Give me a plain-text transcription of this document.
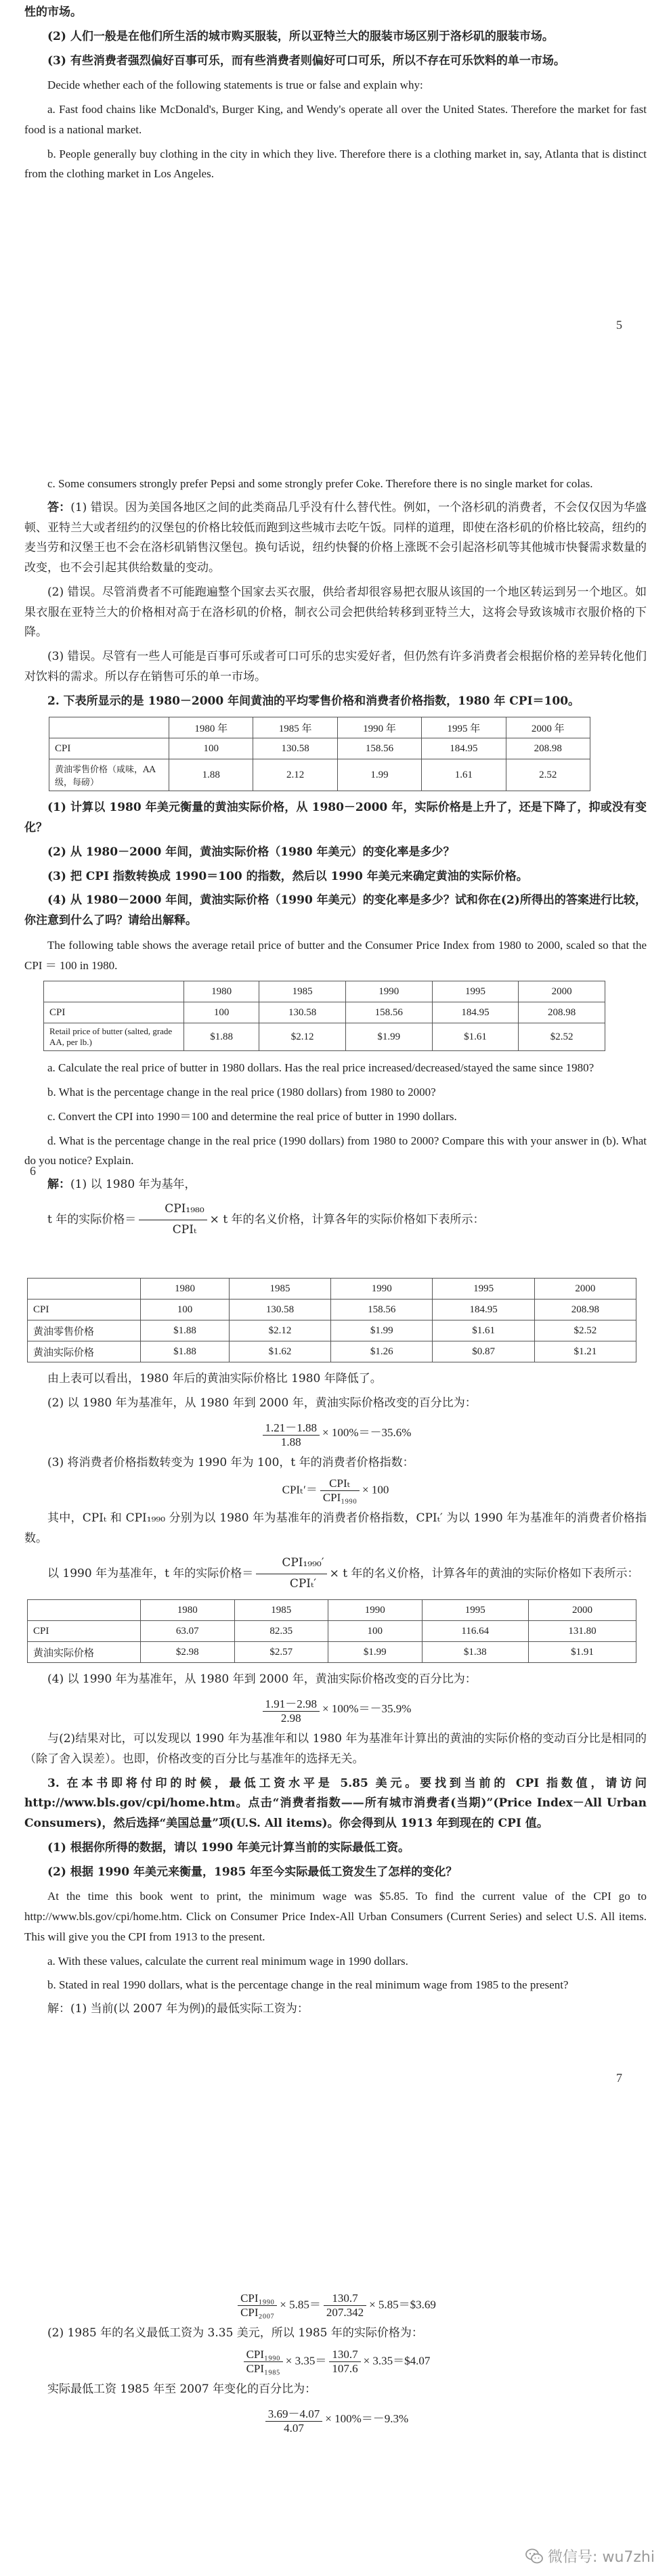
性的市场。

(2) 人们一般是在他们所生活的城市购买服装，所以亚特兰大的服装市场区别于洛杉矶的服装市场。

(3) 有些消费者强烈偏好百事可乐，而有些消费者则偏好可口可乐，所以不存在可乐饮料的单一市场。

Decide whether each of the following statements is true or false and explain why:

a. Fast food chains like McDonald's, Burger King, and Wendy's operate all over the United States. Therefore the market for fast food is a national market.

b. People generally buy clothing in the city in which they live. Therefore there is a clothing market in, say, Atlanta that is distinct from the clothing market in Los Angeles.

5

c. Some consumers strongly prefer Pepsi and some strongly prefer Coke. Therefore there is no single market for colas.

答：(1) 错误。因为美国各地区之间的此类商品几乎没有什么替代性。例如，一个洛杉矶的消费者，不会仅仅因为华盛顿、亚特兰大或者纽约的汉堡包的价格比较低而跑到这些城市去吃午饭。同样的道理，即使在洛杉矶的价格比较高，纽约的麦当劳和汉堡王也不会在洛杉矶销售汉堡包。换句话说，纽约快餐的价格上涨既不会引起洛杉矶等其他城市快餐需求数量的改变，也不会引起其供给数量的变动。

(2) 错误。尽管消费者不可能跑遍整个国家去买衣服，供给者却很容易把衣服从该国的一个地区转运到另一个地区。如果衣服在亚特兰大的价格相对高于在洛杉矶的价格，制衣公司会把供给转移到亚特兰大，这将会导致该城市衣服价格的下降。

(3) 错误。尽管有一些人可能是百事可乐或者可口可乐的忠实爱好者，但仍然有许多消费者会根据价格的差异转化他们对饮料的需求。所以存在销售可乐的单一市场。

2. 下表所显示的是 1980－2000 年间黄油的平均零售价格和消费者价格指数，1980 年 CPI＝100。

	1980 年	1985 年	1990 年	1995 年	2000 年
CPI	100	130.58	158.56	184.95	208.98
黄油零售价格（咸味，AA 级，每磅）	1.88	2.12	1.99	1.61	2.52

(1) 计算以 1980 年美元衡量的黄油实际价格，从 1980－2000 年，实际价格是上升了，还是下降了，抑或没有变化？

(2) 从 1980－2000 年间，黄油实际价格（1980 年美元）的变化率是多少？

(3) 把 CPI 指数转换成 1990＝100 的指数，然后以 1990 年美元来确定黄油的实际价格。

(4) 从 1980－2000 年间，黄油实际价格（1990 年美元）的变化率是多少？试和你在(2)所得出的答案进行比较，你注意到什么了吗？请给出解释。

The following table shows the average retail price of butter and the Consumer Price Index from 1980 to 2000, scaled so that the CPI ＝ 100 in 1980.

	1980	1985	1990	1995	2000
CPI	100	130.58	158.56	184.95	208.98
Retail price of butter (salted, grade AA, per lb.)	$1.88	$2.12	$1.99	$1.61	$2.52

a. Calculate the real price of butter in 1980 dollars. Has the real price increased/decreased/stayed the same since 1980?

b. What is the percentage change in the real price (1980 dollars) from 1980 to 2000?

c. Convert the CPI into 1990＝100 and determine the real price of butter in 1990 dollars.

d. What is the percentage change in the real price (1990 dollars) from 1980 to 2000? Compare this with your answer in (b). What do you notice? Explain.

解：(1) 以 1980 年为基年，

t 年的实际价格＝ $\frac{\text{CPI₁₉₈₀}}{\text{CPIₜ}} \times t$ 年的名义价格，计算各年的实际价格如下表所示：

6
	1980	1985	1990	1995	2000
CPI	100	130.58	158.56	184.95	208.98
黄油零售价格	$1.88	$2.12	$1.99	$1.61	$2.52
黄油实际价格	$1.88	$1.62	$1.26	$0.87	$1.21

由上表可以看出，1980 年后的黄油实际价格比 1980 年降低了。

(2) 以 1980 年为基准年，从 1980 年到 2000 年，黄油实际价格改变的百分比为：

$\frac{1.21-1.88}{1.88} \times 100\%=-35.6\%$

(3) 将消费者价格指数转变为 1990 年为 100，t 年的消费者价格指数：

$CPI_t'= \frac{\text{CPIₜ}}{\text{CPI₁₉₉₀}} \times 100$

其中，CPIₜ 和 CPI₁₉₉₀ 分别为以 1980 年为基准年的消费者价格指数，CPIₜ′ 为以 1990 年为基准年的消费者价格指数。

以 1990 年为基准年，t 年的实际价格＝ $\frac{\text{CPI₁₉₉₀′}}{\text{CPIₜ′}} \times t$ 年的名义价格，计算各年的黄油的实际价格如下表所示：

	1980	1985	1990	1995	2000
CPI	63.07	82.35	100	116.64	131.80
黄油实际价格	$2.98	$2.57	$1.99	$1.38	$1.91

(4) 以 1990 年为基准年，从 1980 年到 2000 年，黄油实际价格改变的百分比为：

$\frac{1.91-2.98}{2.98} \times 100\%=-35.9\%$

与(2)结果对比，可以发现以 1990 年为基准年和以 1980 年为基准年计算出的黄油的实际价格的变动百分比是相同的（除了舍入误差）。也即，价格改变的百分比与基准年的选择无关。

3. 在本书即将付印的时候，最低工资水平是 5.85 美元。要找到当前的 CPI 指数值，请访问 http://www.bls.gov/cpi/home.htm。点击“消费者指数——所有城市消费者(当期)”(Price Index－All Urban Consumers)，然后选择“美国总量”项(U.S. All items)。你会得到从 1913 年到现在的 CPI 值。

(1) 根据你所得的数据，请以 1990 年美元计算当前的实际最低工资。

(2) 根据 1990 年美元来衡量，1985 年至今实际最低工资发生了怎样的变化？

At the time this book went to print, the minimum wage was $5.85. To find the current value of the CPI go to http://www.bls.gov/cpi/home.htm. Click on Consumer Price Index-All Urban Consumers (Current Series) and select U.S. All items. This will give you the CPI from 1913 to the present.

a. With these values, calculate the current real minimum wage in 1990 dollars.

b. Stated in real 1990 dollars, what is the percentage change in the real minimum wage from 1985 to the present?

解：(1) 当前(以 2007 年为例)的最低实际工资为：

7
$\frac{\text{CPI₁₉₉₀}}{\text{CPI₂₀₀₇}} \times 5.85= \frac{130.7}{207.342}$ × 5.85＝$3.69

(2) 1985 年的名义最低工资为 3.35 美元，所以 1985 年的实际价格为：

$\frac{\text{CPI₁₉₉₀}}{\text{CPI₁₉₈₅}} \times 3.35= \frac{130.7}{107.6}$ × 3.35＝$4.07

实际最低工资 1985 年至 2007 年变化的百分比为：

$\frac{3.69-4.07}{4.07} \times 100\%=-9.3\%$
微信号: wu7zhi
